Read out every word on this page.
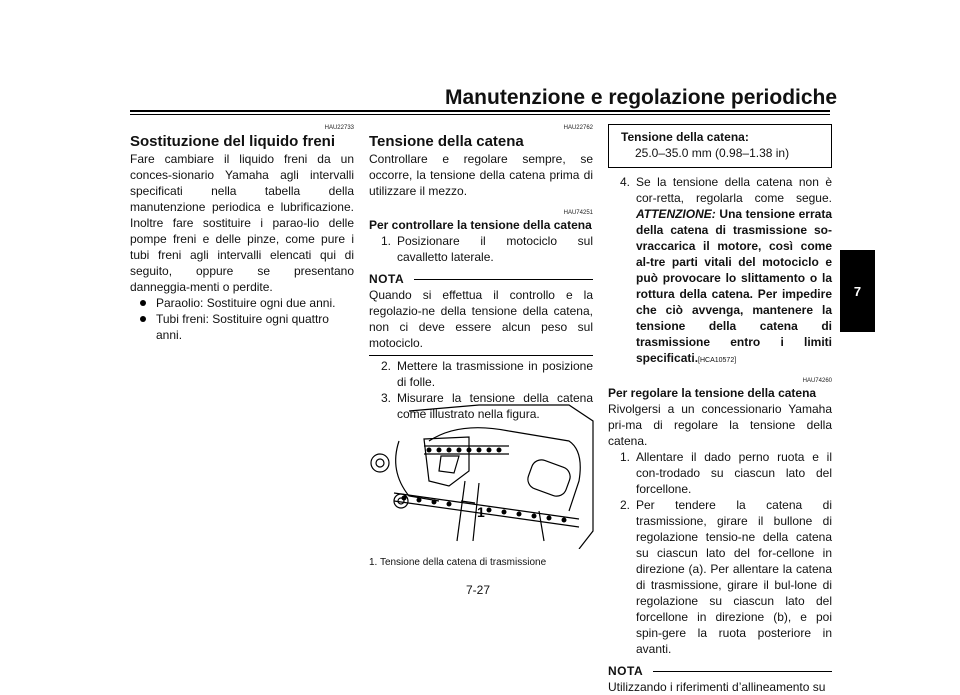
Manutenzione e regolazione periodiche
7
HAU22733
Sostituzione del liquido freni
Fare cambiare il liquido freni da un conces-sionario Yamaha agli intervalli specificati nella tabella della manutenzione periodica e lubrificazione. Inoltre fare sostituire i parao-lio delle pompe freni e delle pinze, come pure i tubi freni agli intervalli elencati qui di seguito, oppure se presentano danneggia-menti o perdite.
Paraolio: Sostituire ogni due anni.
Tubi freni: Sostituire ogni quattro anni.
HAU22762
Tensione della catena
Controllare e regolare sempre, se occorre, la tensione della catena prima di utilizzare il mezzo.
HAU74251
Per controllare la tensione della catena
1. Posizionare il motociclo sul cavalletto laterale.
NOTA
Quando si effettua il controllo e la regolazio-ne della tensione della catena, non ci deve essere alcun peso sul motociclo.
2. Mettere la trasmissione in posizione di folle.
3. Misurare la tensione della catena come illustrato nella figura.
1
1. Tensione della catena di trasmissione
Tensione della catena:
25.0–35.0 mm (0.98–1.38 in)
4. Se la tensione della catena non è cor-retta, regolarla come segue. ATTENZIONE: Una tensione errata della catena di trasmissione so-vraccarica il motore, così come al-tre parti vitali del motociclo e può provocare lo slittamento o la rottura della catena. Per impedire che ciò avvenga, mantenere la tensione della catena di trasmissione entro i limiti specificati.[HCA10572]
HAU74260
Per regolare la tensione della catena
Rivolgersi a un concessionario Yamaha pri-ma di regolare la tensione della catena.
1. Allentare il dado perno ruota e il con-trodado su ciascun lato del forcellone.
2. Per tendere la catena di trasmissione, girare il bullone di regolazione tensio-ne della catena su ciascun lato del for-cellone in direzione (a). Per allentare la catena di trasmissione, girare il bul-lone di regolazione su ciascun lato del forcellone in direzione (b), e poi spin-gere la ruota posteriore in avanti.
NOTA
Utilizzando i riferimenti d’allineamento su
7-27
